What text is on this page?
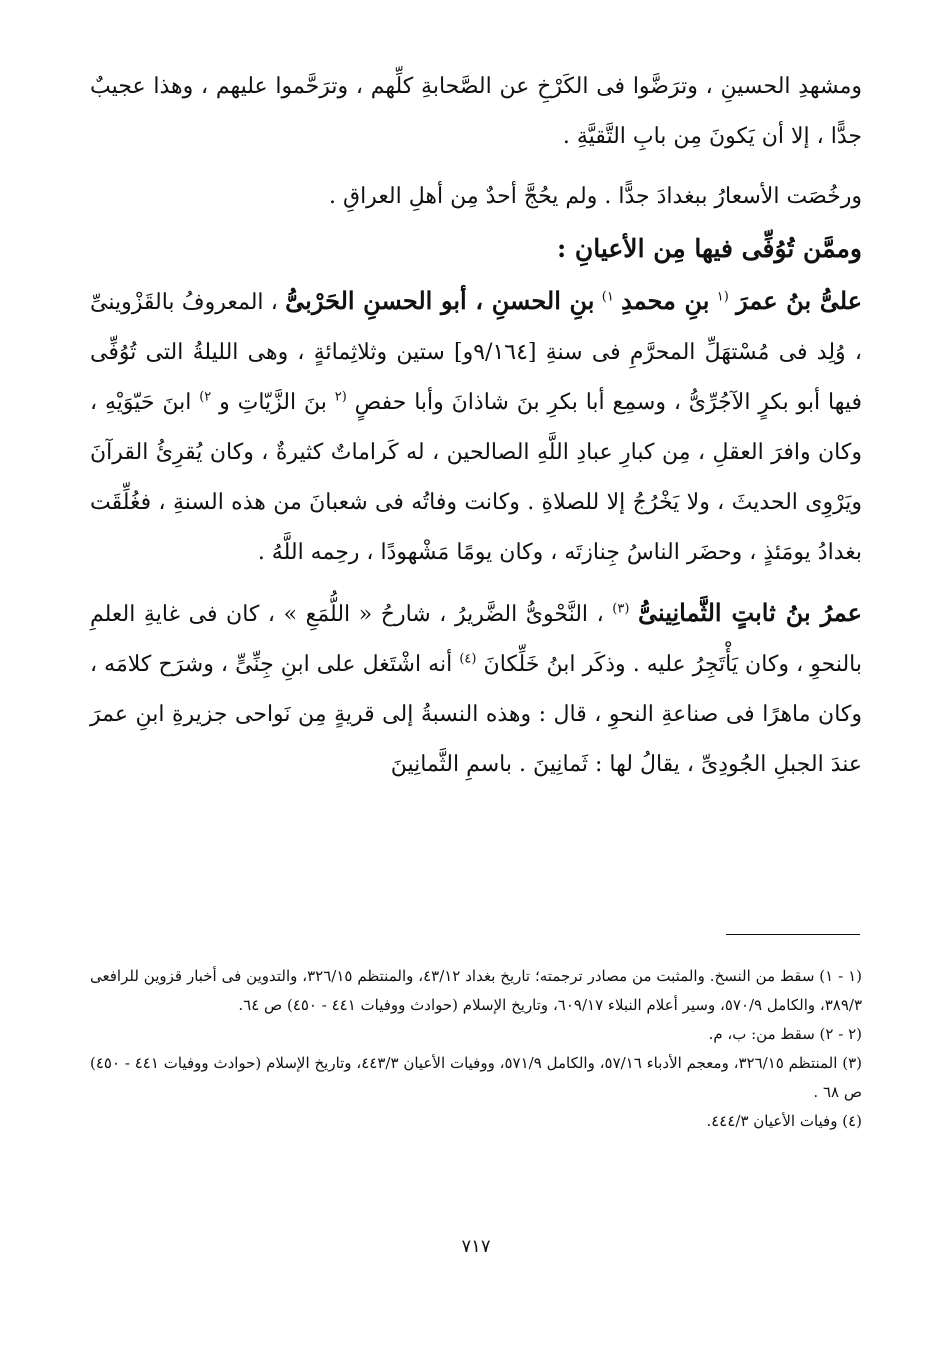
ومشهدِ الحسينِ ، وترَضَّوا فى الكَرْخِ عن الصَّحابةِ كلِّهم ، وترَحَّموا عليهم ، وهذا عجيبٌ جدًّا ، إلا أن يَكونَ مِن بابِ التَّقيَّةِ .

ورخُصَت الأسعارُ ببغدادَ جدًّا . ولم يحُجَّ أحدٌ مِن أهلِ العراقِ .

وممَّن تُوُفِّى فيها مِن الأعيانِ :

علىُّ بنُ عمرَ $^{(١}$ بنِ محمدِ $^{١)}$ بنِ الحسنِ ، أبو الحسنِ الحَرْبىُّ ، المعروفُ بالقَزْوينىِّ ، وُلِد فى مُسْتهَلِّ المحرَّمِ فى سنةِ [٩/١٦٤و] ستين وثلاثِمائةٍ ، وهى الليلةُ التى تُوُفِّى فيها أبو بكرٍ الآجُرِّىُّ ، وسمِع أبا بكرِ بنَ شاذانَ وأبا حفصٍ $^{(٢}$ بنَ الزَّيّاتِ و $^{٢)}$ ابنَ حَيّوَيْهِ ، وكان وافرَ العقلِ ، مِن كبارِ عبادِ اللَّهِ الصالحين ، له كَراماتٌ كثيرةٌ ، وكان يُقرِئُ القرآنَ ويَرْوِى الحديثَ ، ولا يَخْرُجُ إلا للصلاةِ . وكانت وفاتُه فى شعبانَ من هذه السنةِ ، فغُلِّقَت بغدادُ يومَئذٍ ، وحضَر الناسُ جِنازتَه ، وكان يومًا مَشْهودًا ، رحِمه اللَّهُ .

عمرُ بنُ ثابتٍ الثَّمانِينىُّ $^{(٣)}$ ، النَّحْوىُّ الضَّريرُ ، شارحُ « اللُّمَعِ » ، كان فى غايةِ العلمِ بالنحوِ ، وكان يَأْتَجِرُ عليه . وذكَر ابنُ خَلِّكانَ $^{(٤)}$ أنه اشْتَغل على ابنِ جِنِّىٍّ ، وشرَح كلامَه ، وكان ماهرًا فى صناعةِ النحوِ ، قال : وهذه النسبةُ إلى قريةٍ مِن نَواحى جزيرةِ ابنِ عمرَ عندَ الجبلِ الجُودِىِّ ، يقالُ لها : ثَمانِينَ . باسمِ الثَّمانِينَ

(١ - ١) سقط من النسخ. والمثبت من مصادر ترجمته؛ تاريخ بغداد ٤٣/١٢، والمنتظم ٣٢٦/١٥، والتدوين فى أخبار قزوين للرافعى ٣٨٩/٣، والكامل ٥٧٠/٩، وسير أعلام النبلاء ٦٠٩/١٧، وتاريخ الإسلام (حوادث ووفيات ٤٤١ - ٤٥٠) ص ٦٤.

(٢ - ٢) سقط من: ب، م.

(٣) المنتظم ٣٢٦/١٥، ومعجم الأدباء ٥٧/١٦، والكامل ٥٧١/٩، ووفيات الأعيان ٤٤٣/٣، وتاريخ الإسلام (حوادث ووفيات ٤٤١ - ٤٥٠) ص ٦٨ .

(٤) وفيات الأعيان ٤٤٤/٣.

٧١٧
